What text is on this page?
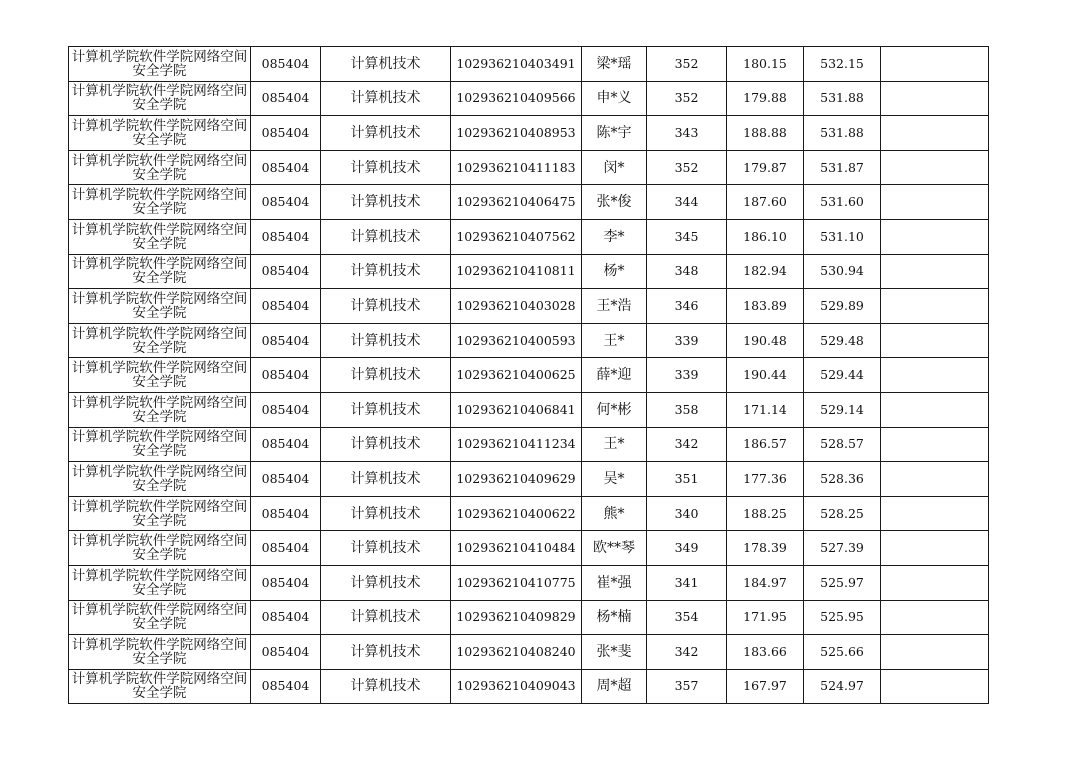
计算机学院软件学院网络空间安全学院	085404	计算机技术	102936210403491	梁*瑶	352	180.15	532.15	
计算机学院软件学院网络空间安全学院	085404	计算机技术	102936210409566	申*义	352	179.88	531.88	
计算机学院软件学院网络空间安全学院	085404	计算机技术	102936210408953	陈*宇	343	188.88	531.88	
计算机学院软件学院网络空间安全学院	085404	计算机技术	102936210411183	闵*	352	179.87	531.87	
计算机学院软件学院网络空间安全学院	085404	计算机技术	102936210406475	张*俊	344	187.60	531.60	
计算机学院软件学院网络空间安全学院	085404	计算机技术	102936210407562	李*	345	186.10	531.10	
计算机学院软件学院网络空间安全学院	085404	计算机技术	102936210410811	杨*	348	182.94	530.94	
计算机学院软件学院网络空间安全学院	085404	计算机技术	102936210403028	王*浩	346	183.89	529.89	
计算机学院软件学院网络空间安全学院	085404	计算机技术	102936210400593	王*	339	190.48	529.48	
计算机学院软件学院网络空间安全学院	085404	计算机技术	102936210400625	薛*迎	339	190.44	529.44	
计算机学院软件学院网络空间安全学院	085404	计算机技术	102936210406841	何*彬	358	171.14	529.14	
计算机学院软件学院网络空间安全学院	085404	计算机技术	102936210411234	王*	342	186.57	528.57	
计算机学院软件学院网络空间安全学院	085404	计算机技术	102936210409629	吴*	351	177.36	528.36	
计算机学院软件学院网络空间安全学院	085404	计算机技术	102936210400622	熊*	340	188.25	528.25	
计算机学院软件学院网络空间安全学院	085404	计算机技术	102936210410484	欧**琴	349	178.39	527.39	
计算机学院软件学院网络空间安全学院	085404	计算机技术	102936210410775	崔*强	341	184.97	525.97	
计算机学院软件学院网络空间安全学院	085404	计算机技术	102936210409829	杨*楠	354	171.95	525.95	
计算机学院软件学院网络空间安全学院	085404	计算机技术	102936210408240	张*斐	342	183.66	525.66	
计算机学院软件学院网络空间安全学院	085404	计算机技术	102936210409043	周*超	357	167.97	524.97	
